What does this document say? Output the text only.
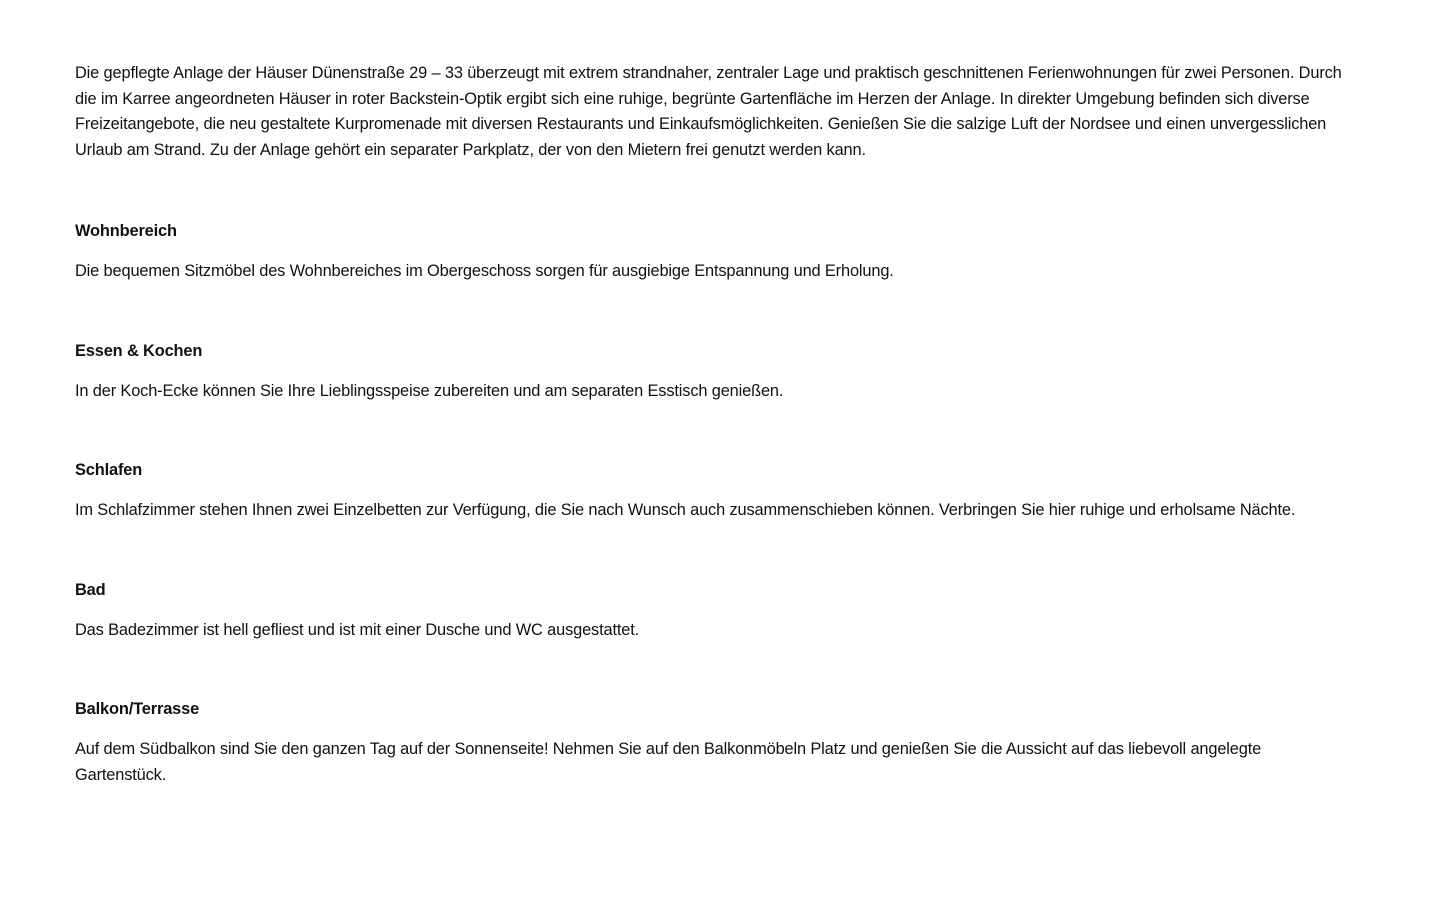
Die gepflegte Anlage der Häuser Dünenstraße 29 – 33 überzeugt mit extrem strandnaher, zentraler Lage und praktisch geschnittenen Ferienwohnungen für zwei Personen. Durch die im Karree angeordneten Häuser in roter Backstein-Optik ergibt sich eine ruhige, begrünte Gartenfläche im Herzen der Anlage. In direkter Umgebung befinden sich diverse Freizeitangebote, die neu gestaltete Kurpromenade mit diversen Restaurants und Einkaufsmöglichkeiten. Genießen Sie die salzige Luft der Nordsee und einen unvergesslichen Urlaub am Strand. Zu der Anlage gehört ein separater Parkplatz, der von den Mietern frei genutzt werden kann.

Wohnbereich

Die bequemen Sitzmöbel des Wohnbereiches im Obergeschoss sorgen für ausgiebige Entspannung und Erholung.

Essen & Kochen

In der Koch-Ecke können Sie Ihre Lieblingsspeise zubereiten und am separaten Esstisch genießen.

Schlafen

Im Schlafzimmer stehen Ihnen zwei Einzelbetten zur Verfügung, die Sie nach Wunsch auch zusammenschieben können. Verbringen Sie hier ruhige und erholsame Nächte.

Bad

Das Badezimmer ist hell gefliest und ist mit einer Dusche und WC ausgestattet.

Balkon/Terrasse

Auf dem Südbalkon sind Sie den ganzen Tag auf der Sonnenseite! Nehmen Sie auf den Balkonmöbeln Platz und genießen Sie die Aussicht auf das liebevoll angelegte Gartenstück.
